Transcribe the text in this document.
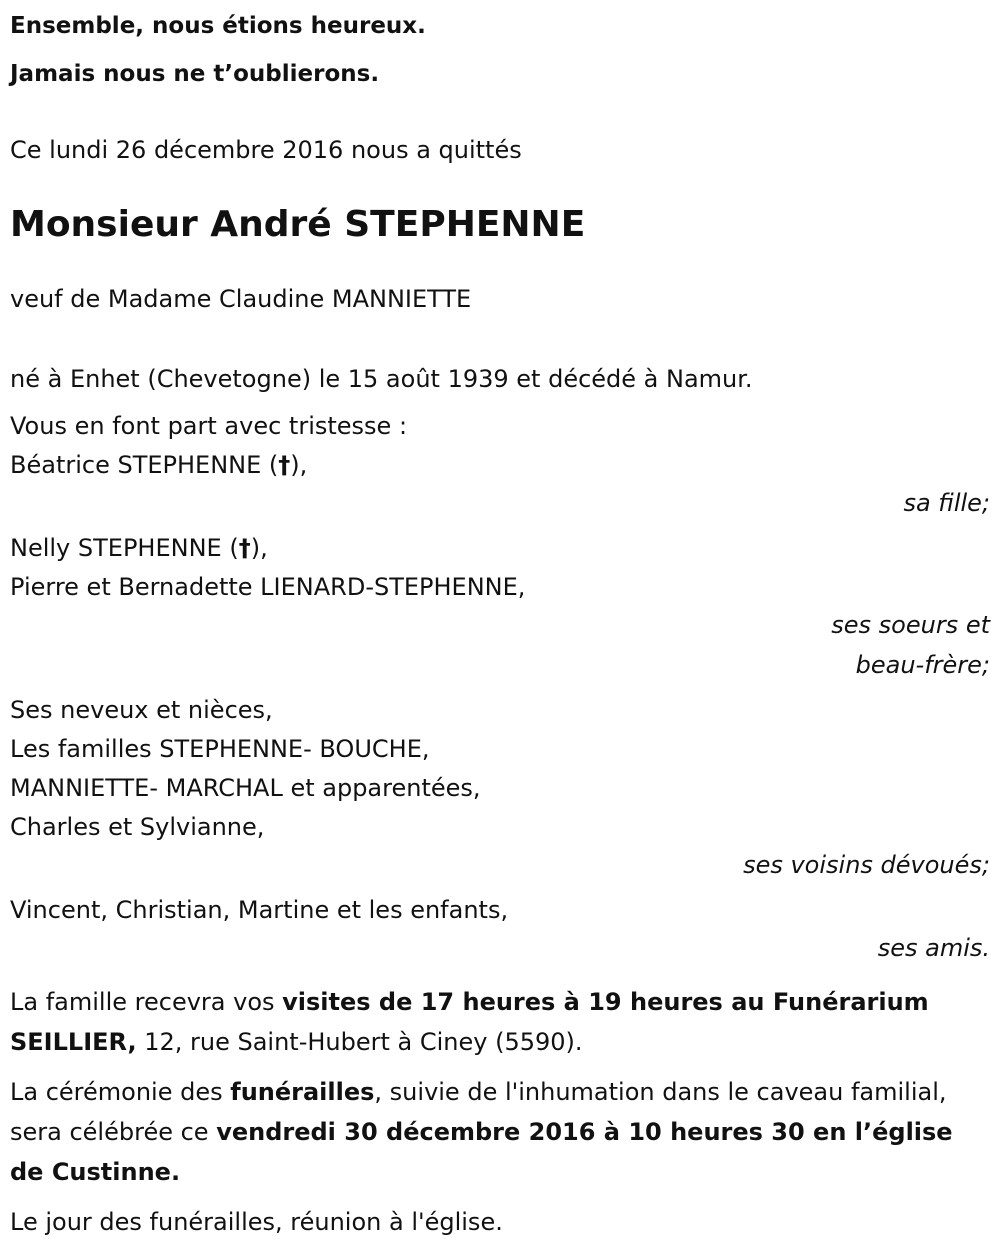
Ensemble, nous étions heureux.
Jamais nous ne t’oublierons.

Ce lundi 26 décembre 2016 nous a quittés

Monsieur André STEPHENNE

veuf de Madame Claudine MANNIETTE

né à Enhet (Chevetogne) le 15 août 1939 et décédé à Namur.

Vous en font part avec tristesse :
Béatrice STEPHENNE (†),
sa fille;
Nelly STEPHENNE (†),
Pierre et Bernadette LIENARD-STEPHENNE,
ses soeurs et
beau-frère;
Ses neveux et nièces,
Les familles STEPHENNE- BOUCHE,
MANNIETTE- MARCHAL et apparentées,
Charles et Sylvianne,
ses voisins dévoués;
Vincent, Christian, Martine et les enfants,
ses amis.

La famille recevra vos visites de 17 heures à 19 heures au Funérarium SEILLIER, 12, rue Saint-Hubert à Ciney (5590).

La cérémonie des funérailles, suivie de l'inhumation dans le caveau familial, sera célébrée ce vendredi 30 décembre 2016 à 10 heures 30 en l’église de Custinne.

Le jour des funérailles, réunion à l'église.
